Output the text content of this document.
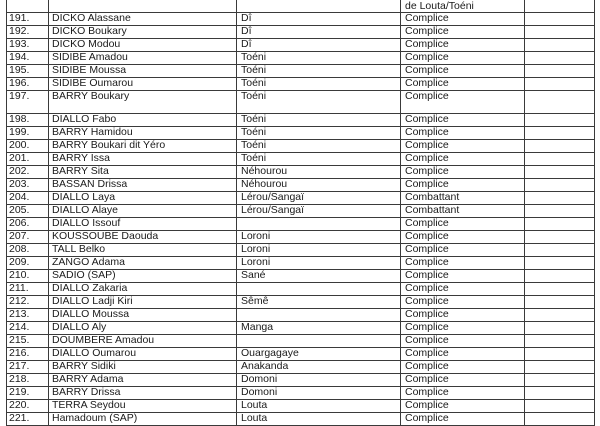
			de Louta/Toéni	
191.	DICKO Alassane	Dî	Complice	
192.	DICKO Boukary	Dî	Complice	
193.	DICKO Modou	Dî	Complice	
194.	SIDIBE Amadou	Toéni	Complice	
195.	SIDIBE Moussa	Toéni	Complice	
196.	SIDIBE Oumarou	Toéni	Complice	
197.	BARRY Boukary	Toéni	Complice	
198.	DIALLO Fabo	Toéni	Complice	
199.	BARRY Hamidou	Toéni	Complice	
200.	BARRY Boukari dit Yéro	Toéni	Complice	
201.	BARRY Issa	Toéni	Complice	
202.	BARRY Sita	Néhourou	Complice	
203.	BASSAN Drissa	Néhourou	Complice	
204.	DIALLO Laya	Lérou/Sangaï	Combattant	
205.	DIALLO Alaye	Lérou/Sangaï	Combattant	
206.	DIALLO Issouf		Complice	
207.	KOUSSOUBE Daouda	Loroni	Complice	
208.	TALL Belko	Loroni	Complice	
209.	ZANGO Adama	Loroni	Complice	
210.	SADIO (SAP)	Sané	Complice	
211.	DIALLO Zakaria		Complice	
212.	DIALLO Ladji Kiri	Sêmê	Complice	
213.	DIALLO Moussa		Complice	
214.	DIALLO Aly	Manga	Complice	
215.	DOUMBERE Amadou		Complice	
216.	DIALLO Oumarou	Ouargagaye	Complice	
217.	BARRY Sidiki	Anakanda	Complice	
218.	BARRY Adama	Domoni	Complice	
219.	BARRY Drissa	Domoni	Complice	
220.	TERRA Seydou	Louta	Complice	
221.	Hamadoum (SAP)	Louta	Complice	
